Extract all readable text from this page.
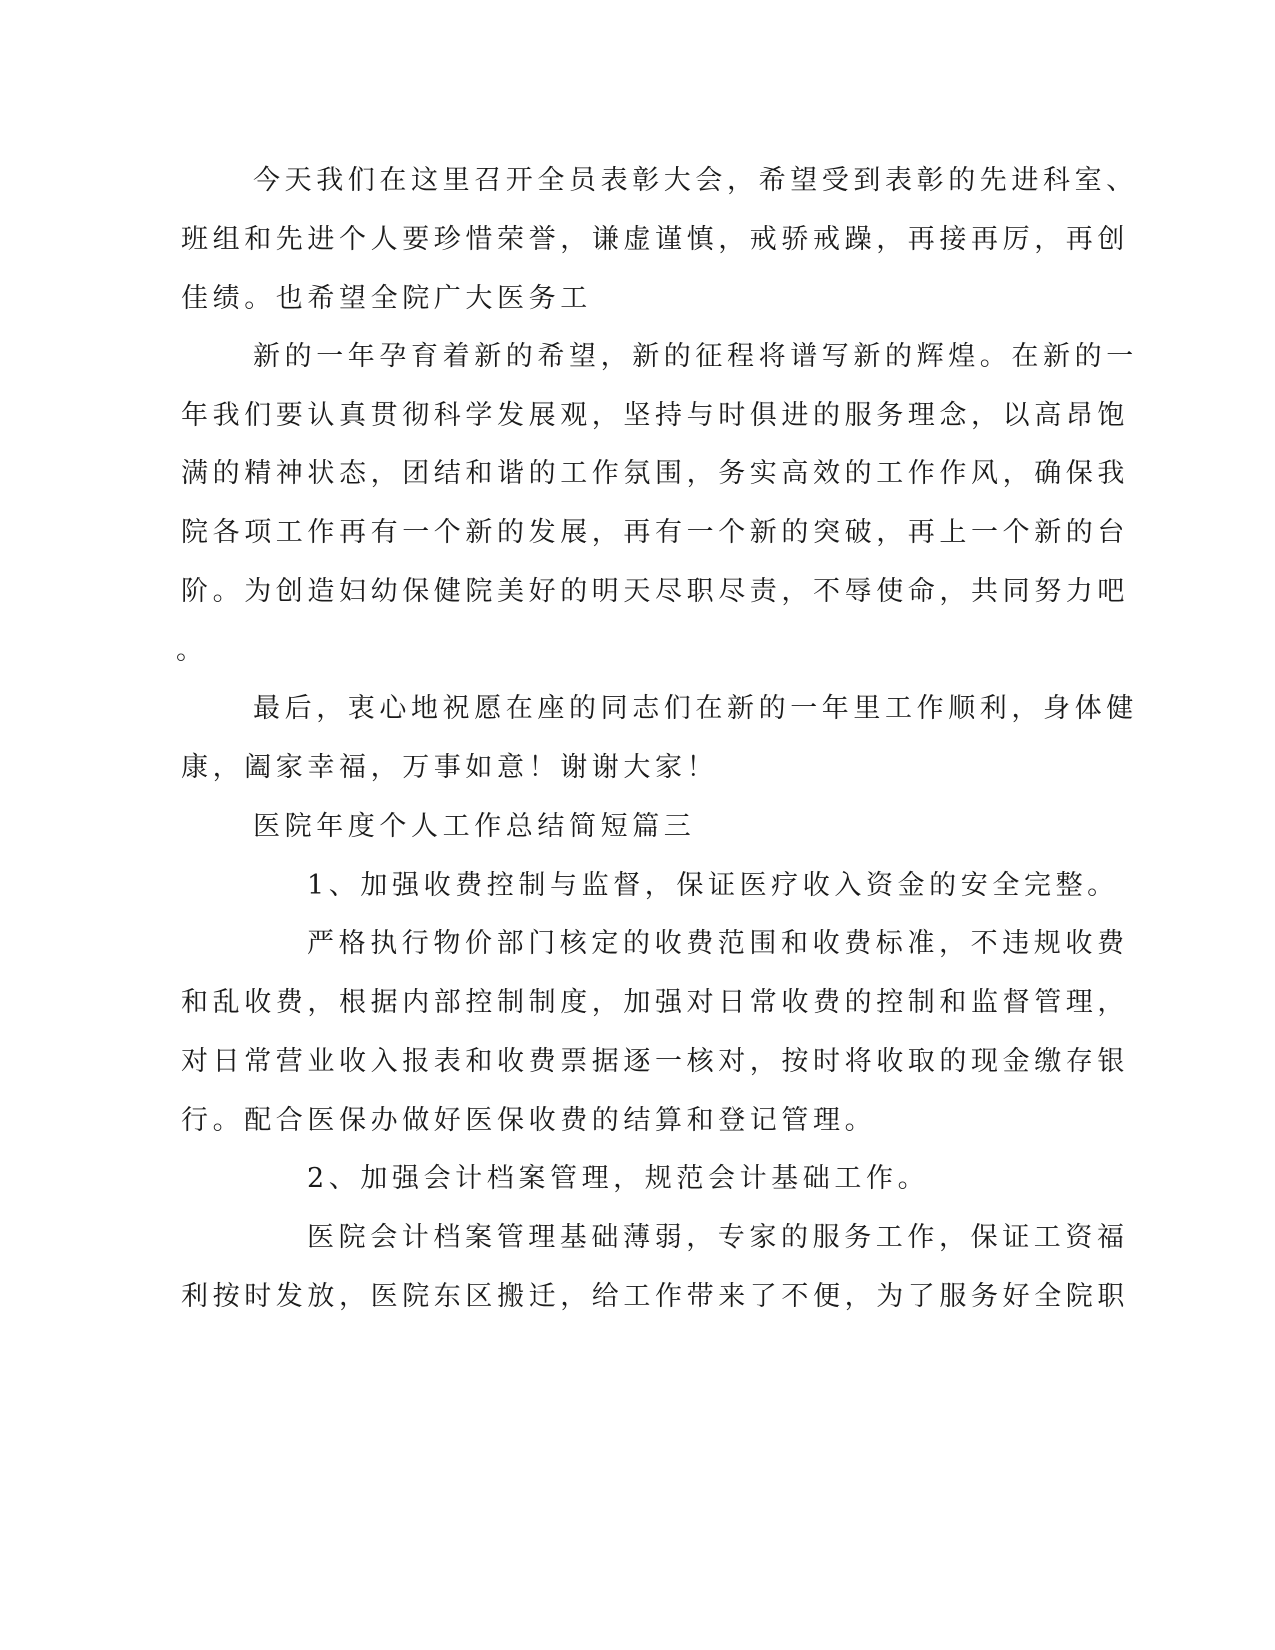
今天我们在这里召开全员表彰大会，希望受到表彰的先进科室、
班组和先进个人要珍惜荣誉，谦虚谨慎，戒骄戒躁，再接再厉，再创
佳绩。也希望全院广大医务工
新的一年孕育着新的希望，新的征程将谱写新的辉煌。在新的一
年我们要认真贯彻科学发展观，坚持与时俱进的服务理念，以高昂饱
满的精神状态，团结和谐的工作氛围，务实高效的工作作风，确保我
院各项工作再有一个新的发展，再有一个新的突破，再上一个新的台
阶。为创造妇幼保健院美好的明天尽职尽责，不辱使命，共同努力吧
。
最后，衷心地祝愿在座的同志们在新的一年里工作顺利，身体健
康，阖家幸福，万事如意！谢谢大家！
医院年度个人工作总结简短篇三
1、加强收费控制与监督，保证医疗收入资金的安全完整。
严格执行物价部门核定的收费范围和收费标准，不违规收费
和乱收费，根据内部控制制度，加强对日常收费的控制和监督管理，
对日常营业收入报表和收费票据逐一核对，按时将收取的现金缴存银
行。配合医保办做好医保收费的结算和登记管理。
2、加强会计档案管理，规范会计基础工作。
医院会计档案管理基础薄弱，专家的服务工作，保证工资福
利按时发放，医院东区搬迁，给工作带来了不便，为了服务好全院职
